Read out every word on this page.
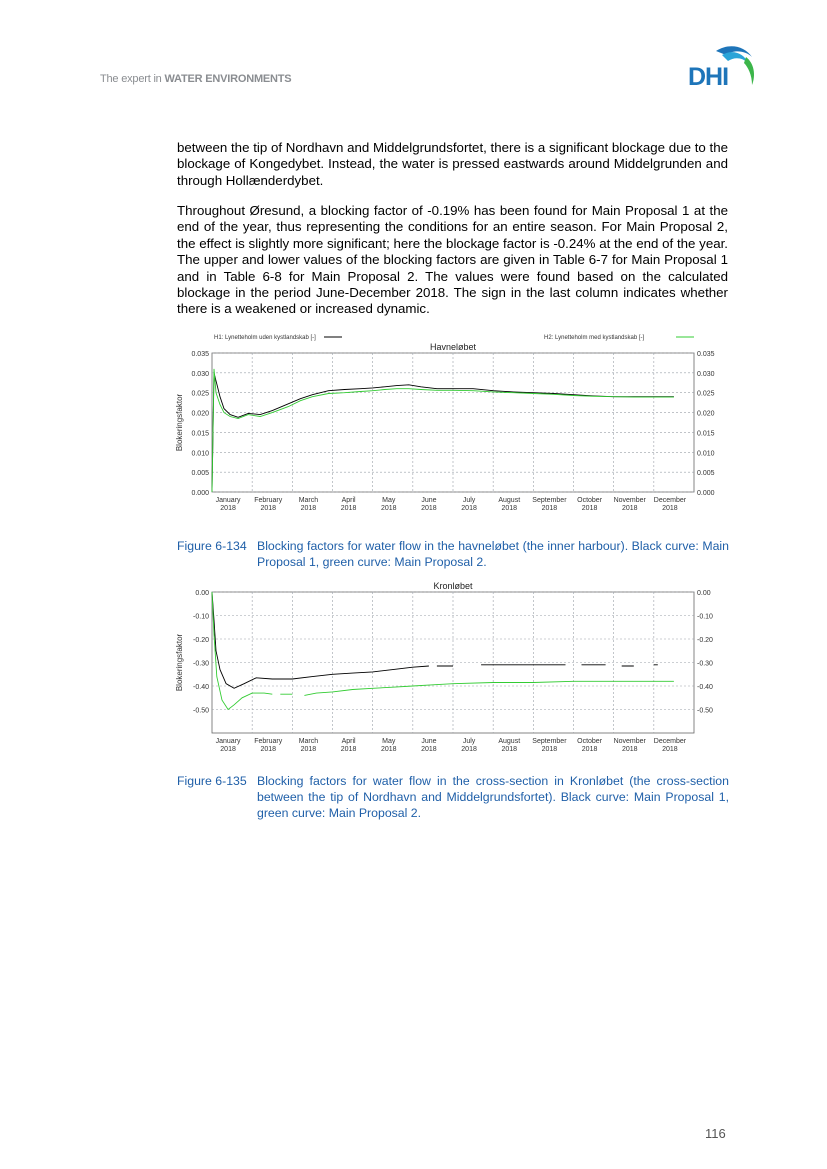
The expert in WATER ENVIRONMENTS	DHI

between the tip of Nordhavn and Middelgrundsfortet, there is a significant blockage due to the blockage of Kongedybet. Instead, the water is pressed eastwards around Middelgrunden and through Hollænderdybet.

Throughout Øresund, a blocking factor of -0.19% has been found for Main Proposal 1 at the end of the year, thus representing the conditions for an entire season. For Main Proposal 2, the effect is slightly more significant; here the blockage factor is -0.24% at the end of the year. The upper and lower values of the blocking factors are given in Table 6-7 for Main Proposal 1 and in Table 6-8 for Main Proposal 2. The values were found based on the calculated blockage in the period June-December 2018. The sign in the last column indicates whether there is a weakened or increased dynamic.

0.035	0.035
0.030	0.030
0.025	0.025
0.020	0.020
0.015	0.015
0.010	0.010
0.005	0.005
0.000	0.000
January
2018
February
2018
March
2018
April
2018
May
2018
June
2018
July
2018
August
2018
September
2018
October
2018
November
2018
December
2018
Havneløbet
Blokeringsfaktor
H1: Lynetteholm uden kystlandskab [-]	H2: Lynetteholm med kystlandskab [-]
Figure 6-134 Blocking factors for water flow in the havneløbet (the inner harbour). Black curve: Main Proposal 1, green curve: Main Proposal 2.
0.00	0.00
-0.10	-0.10
-0.20	-0.20
-0.30	-0.30
-0.40	-0.40
-0.50	-0.50
January
2018
February
2018
March
2018
April
2018
May
2018
June
2018
July
2018
August
2018
September
2018
October
2018
November
2018
December
2018
Kronløbet
Blokeringsfaktor
Figure 6-135 Blocking factors for water flow in the cross-section in Kronløbet (the cross-section between the tip of Nordhavn and Middelgrundsfortet). Black curve: Main Proposal 1, green curve: Main Proposal 2.
116
